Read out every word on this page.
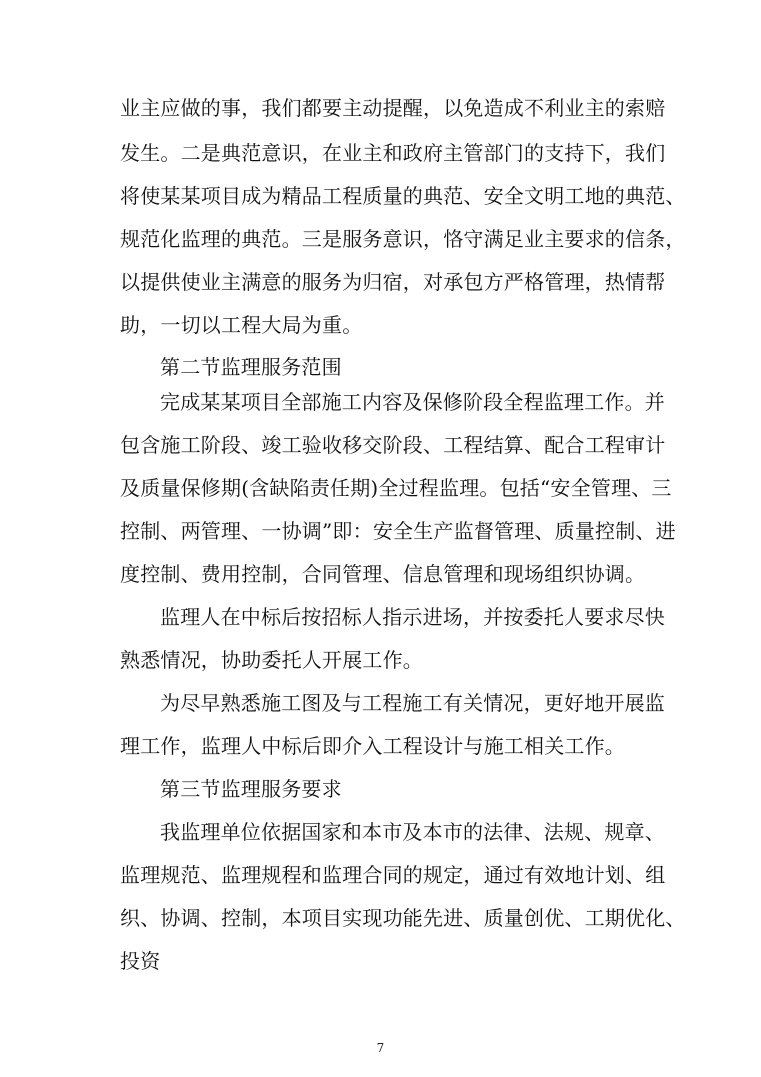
业主应做的事，我们都要主动提醒，以免造成不利业主的索赔
发生。二是典范意识，在业主和政府主管部门的支持下，我们
将使某某项目成为精品工程质量的典范、安全文明工地的典范、
规范化监理的典范。三是服务意识，恪守满足业主要求的信条，
以提供使业主满意的服务为归宿，对承包方严格管理，热情帮
助，一切以工程大局为重。
第二节监理服务范围
完成某某项目全部施工内容及保修阶段全程监理工作。并
包含施工阶段、竣工验收移交阶段、工程结算、配合工程审计
及质量保修期(含缺陷责任期)全过程监理。包括“安全管理、三
控制、两管理、一协调”即：安全生产监督管理、质量控制、进
度控制、费用控制，合同管理、信息管理和现场组织协调。
监理人在中标后按招标人指示进场，并按委托人要求尽快
熟悉情况，协助委托人开展工作。
为尽早熟悉施工图及与工程施工有关情况，更好地开展监
理工作，监理人中标后即介入工程设计与施工相关工作。
第三节监理服务要求
我监理单位依据国家和本市及本市的法律、法规、规章、
监理规范、监理规程和监理合同的规定，通过有效地计划、组
织、协调、控制，本项目实现功能先进、质量创优、工期优化、
投资
7
